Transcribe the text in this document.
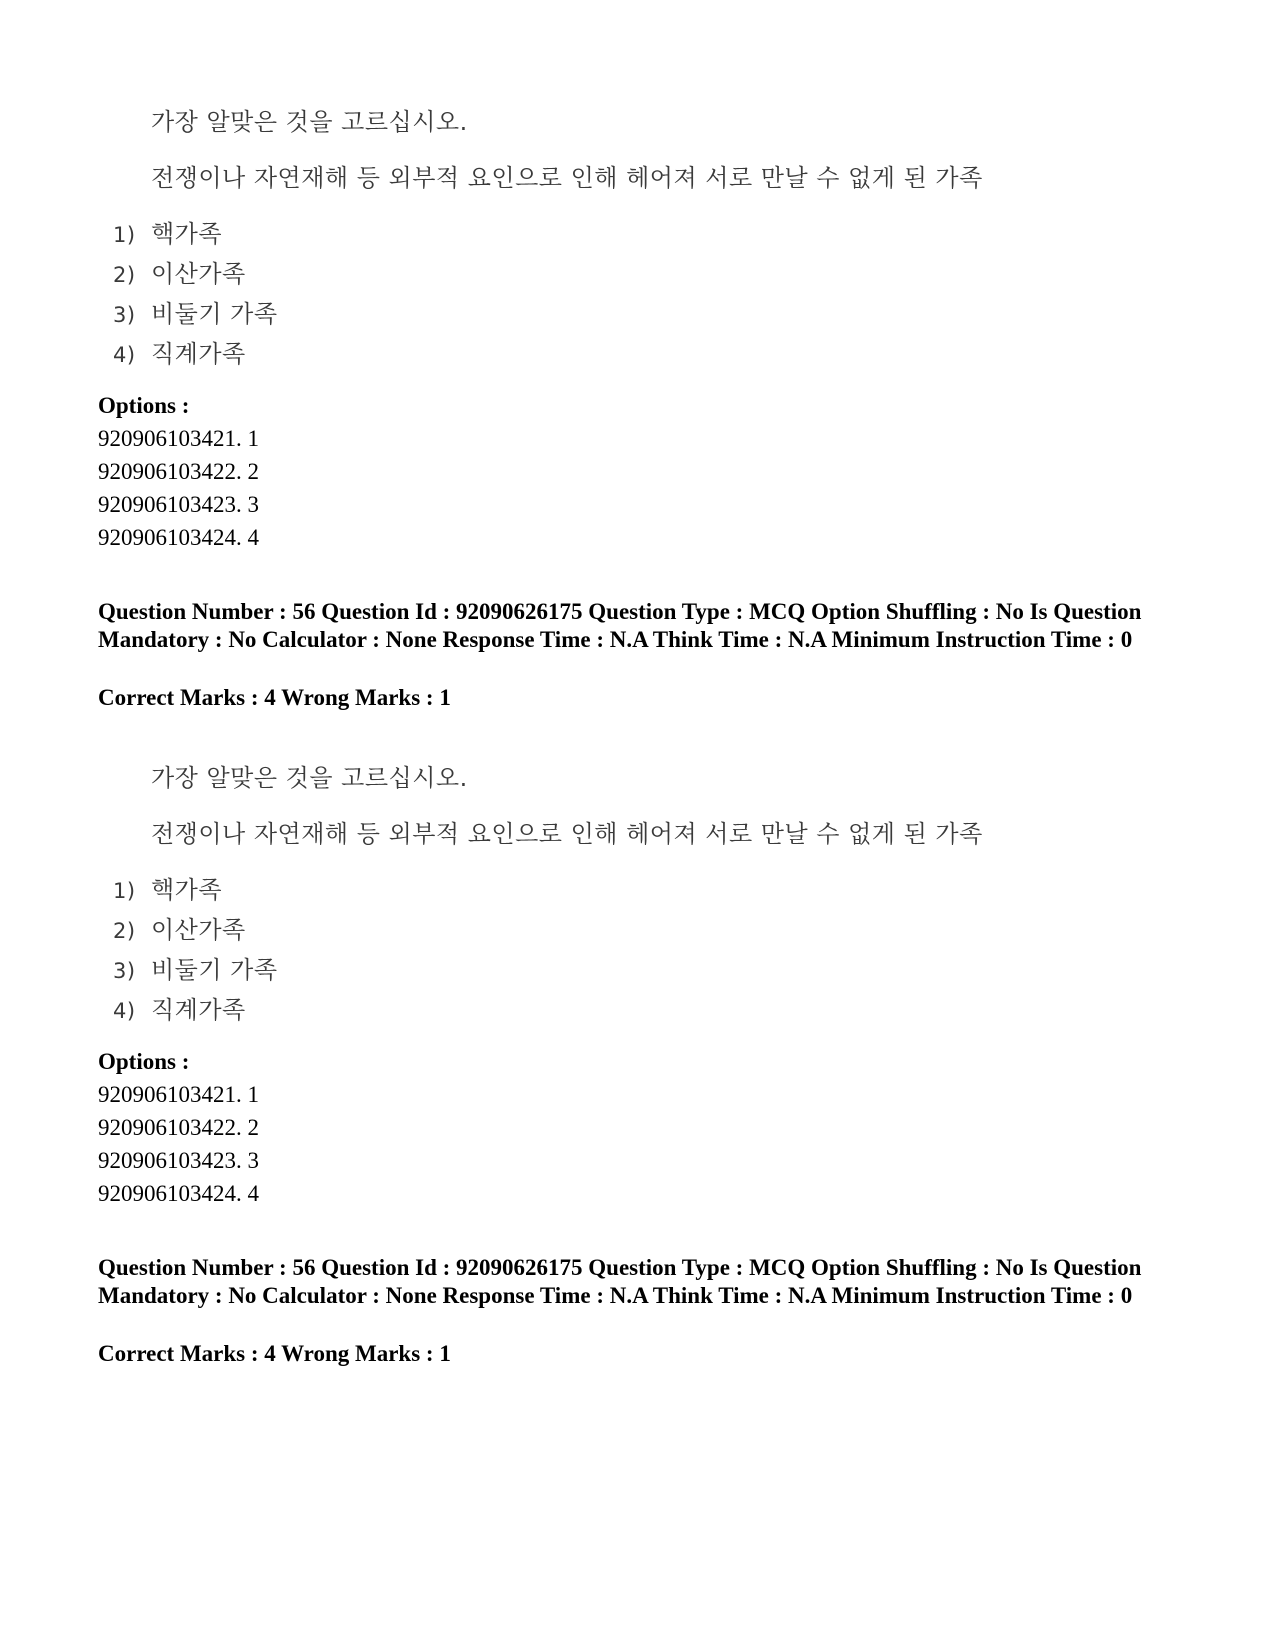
가장 알맞은 것을 고르십시오.
전쟁이나 자연재해 등 외부적 요인으로 인해 헤어져 서로 만날 수 없게 된 가족
1) 핵가족
2) 이산가족
3) 비둘기 가족
4) 직계가족
Options :
920906103421. 1
920906103422. 2
920906103423. 3
920906103424. 4
Question Number : 56 Question Id : 92090626175 Question Type : MCQ Option Shuffling : No Is Question Mandatory : No Calculator : None Response Time : N.A Think Time : N.A Minimum Instruction Time : 0
Correct Marks : 4 Wrong Marks : 1
가장 알맞은 것을 고르십시오.
전쟁이나 자연재해 등 외부적 요인으로 인해 헤어져 서로 만날 수 없게 된 가족
1) 핵가족
2) 이산가족
3) 비둘기 가족
4) 직계가족
Options :
920906103421. 1
920906103422. 2
920906103423. 3
920906103424. 4
Question Number : 56 Question Id : 92090626175 Question Type : MCQ Option Shuffling : No Is Question Mandatory : No Calculator : None Response Time : N.A Think Time : N.A Minimum Instruction Time : 0
Correct Marks : 4 Wrong Marks : 1
